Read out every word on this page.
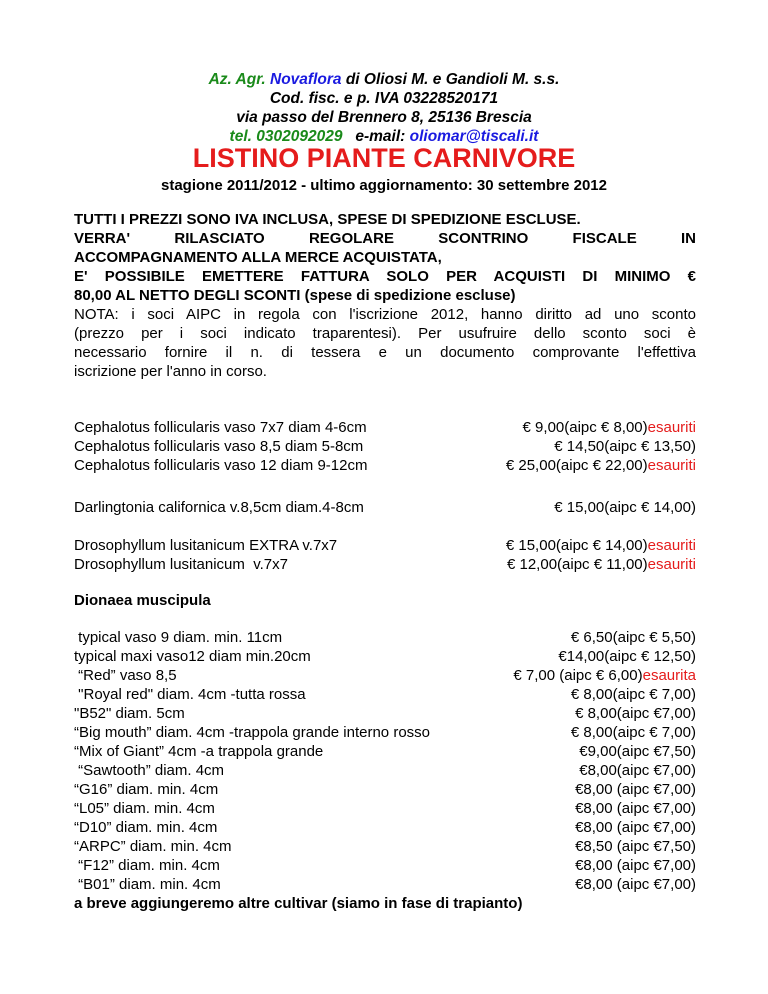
Az. Agr. Novaflora di Oliosi M. e Gandioli M. s.s.
Cod. fisc. e p. IVA 03228520171
via passo del Brennero 8, 25136 Brescia
tel. 0302092029 e-mail: oliomar@tiscali.it
LISTINO PIANTE CARNIVORE
stagione 2011/2012 - ultimo aggiornamento: 30 settembre 2012
TUTTI I PREZZI SONO IVA INCLUSA, SPESE DI SPEDIZIONE ESCLUSE.
VERRA' RILASCIATO REGOLARE SCONTRINO FISCALE IN
ACCOMPAGNAMENTO ALLA MERCE ACQUISTATA,
E' POSSIBILE EMETTERE FATTURA SOLO PER ACQUISTI DI MINIMO €
80,00 AL NETTO DEGLI SCONTI (spese di spedizione escluse)
NOTA: i soci AIPC in regola con l'iscrizione 2012, hanno diritto ad uno sconto
(prezzo per i soci indicato traparentesi). Per usufruire dello sconto soci è
necessario fornire il n. di tessera e un documento comprovante l'effettiva
iscrizione per l'anno in corso.
Cephalotus follicularis vaso 7x7 diam 4-6cm	€ 9,00(aipc € 8,00)esauriti
Cephalotus follicularis vaso 8,5 diam 5-8cm	€ 14,50(aipc € 13,50)
Cephalotus follicularis vaso 12 diam 9-12cm	€ 25,00(aipc € 22,00)esauriti
Darlingtonia californica v.8,5cm diam.4-8cm	€ 15,00(aipc € 14,00)
Drosophyllum lusitanicum EXTRA v.7x7	€ 15,00(aipc € 14,00)esauriti
Drosophyllum lusitanicum  v.7x7	€ 12,00(aipc € 11,00)esauriti
Dionaea muscipula
typical vaso 9 diam. min. 11cm	€ 6,50(aipc € 5,50)
typical maxi vaso12 diam min.20cm	€14,00(aipc € 12,50)
“Red” vaso 8,5	€ 7,00 (aipc € 6,00)esaurita
"Royal red" diam. 4cm -tutta rossa	€ 8,00(aipc € 7,00)
"B52" diam. 5cm	€ 8,00(aipc €7,00)
“Big mouth” diam. 4cm -trappola grande interno rosso	€ 8,00(aipc € 7,00)
“Mix of Giant” 4cm -a trappola grande	€9,00(aipc €7,50)
“Sawtooth” diam. 4cm	€8,00(aipc €7,00)
“G16” diam. min. 4cm	€8,00 (aipc €7,00)
“L05” diam. min. 4cm	€8,00 (aipc €7,00)
“D10” diam. min. 4cm	€8,00 (aipc €7,00)
“ARPC” diam. min. 4cm	€8,50 (aipc €7,50)
“F12” diam. min. 4cm	€8,00 (aipc €7,00)
“B01” diam. min. 4cm	€8,00 (aipc €7,00)
a breve aggiungeremo altre cultivar (siamo in fase di trapianto)
